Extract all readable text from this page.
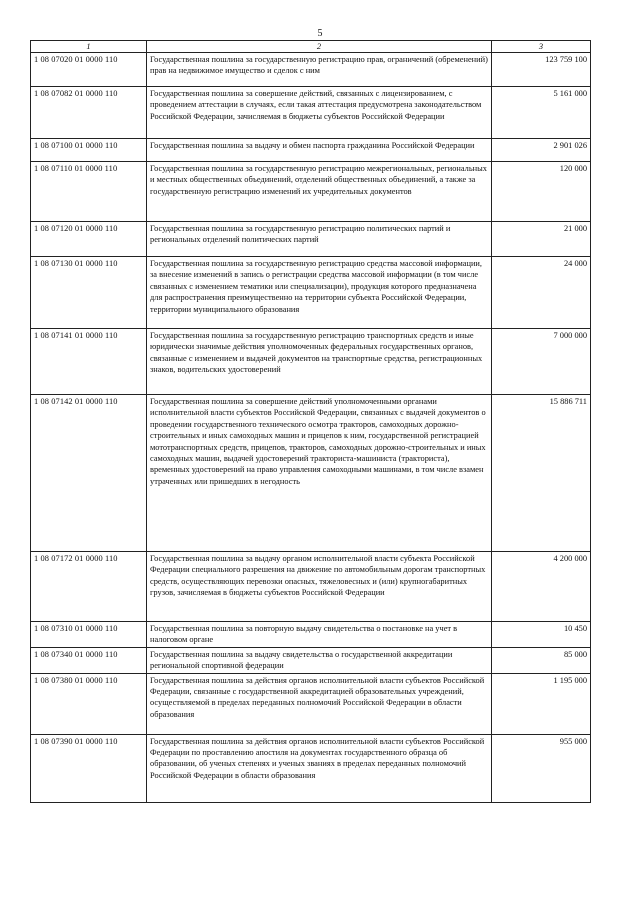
5
1	2	3
1 08 07020 01 0000 110	Государственная пошлина за государственную регистрацию прав, ограничений (обременений) прав на недвижимое имущество и сделок с ним	123 759 100
1 08 07082 01 0000 110	Государственная пошлина за совершение действий, связанных с лицензированием, с проведением аттестации в случаях, если такая аттестация предусмотрена законодательством Российской Федерации, зачисляемая в бюджеты субъектов Российской Федерации	5 161 000
1 08 07100 01 0000 110	Государственная пошлина за выдачу и обмен паспорта гражданина Российской Федерации	2 901 026
1 08 07110 01 0000 110	Государственная пошлина за государственную регистрацию межрегиональных, региональных и местных общественных объединений, отделений общественных объединений, а также за государственную регистрацию изменений их учредительных документов	120 000
1 08 07120 01 0000 110	Государственная пошлина за государственную регистрацию политических партий и региональных отделений политических партий	21 000
1 08 07130 01 0000 110	Государственная пошлина за государственную регистрацию средства массовой информации, за внесение изменений в запись о регистрации средства массовой информации (в том числе связанных с изменением тематики или специализации), продукция которого предназначена для распространения преимущественно на территории субъекта Российской Федерации, территории муниципального образования	24 000
1 08 07141 01 0000 110	Государственная пошлина за государственную регистрацию транспортных средств и иные юридически значимые действия уполномоченных федеральных государственных органов, связанные с изменением и выдачей документов на транспортные средства, регистрационных знаков, водительских удостоверений	7 000 000
1 08 07142 01 0000 110	Государственная пошлина за совершение действий уполномоченными органами исполнительной власти субъектов Российской Федерации, связанных с выдачей документов о проведении государственного технического осмотра тракторов, самоходных дорожно-строительных и иных самоходных машин и прицепов к ним, государственной регистрацией мототранспортных средств, прицепов, тракторов, самоходных дорожно-строительных и иных самоходных машин, выдачей удостоверений тракториста-машиниста (тракториста), временных удостоверений на право управления самоходными машинами, в том числе взамен утраченных или пришедших в негодность	15 886 711
1 08 07172 01 0000 110	Государственная пошлина за выдачу органом исполнительной власти субъекта Российской Федерации специального разрешения на движение по автомобильным дорогам транспортных средств, осуществляющих перевозки опасных, тяжеловесных и (или) крупногабаритных грузов, зачисляемая в бюджеты субъектов Российской Федерации	4 200 000
1 08 07310 01 0000 110	Государственная пошлина за повторную выдачу свидетельства о постановке на учет в налоговом органе	10 450
1 08 07340 01 0000 110	Государственная пошлина за выдачу свидетельства о государственной аккредитации региональной спортивной федерации	85 000
1 08 07380 01 0000 110	Государственная пошлина за действия органов исполнительной власти субъектов Российской Федерации, связанные с государственной аккредитацией образовательных учреждений, осуществляемой в пределах переданных полномочий Российской Федерации в области образования	1 195 000
1 08 07390 01 0000 110	Государственная пошлина за действия органов исполнительной власти субъектов Российской Федерации по проставлению апостиля на документах государственного образца об образовании, об ученых степенях и ученых званиях в пределах переданных полномочий Российской Федерации в области образования	955 000
